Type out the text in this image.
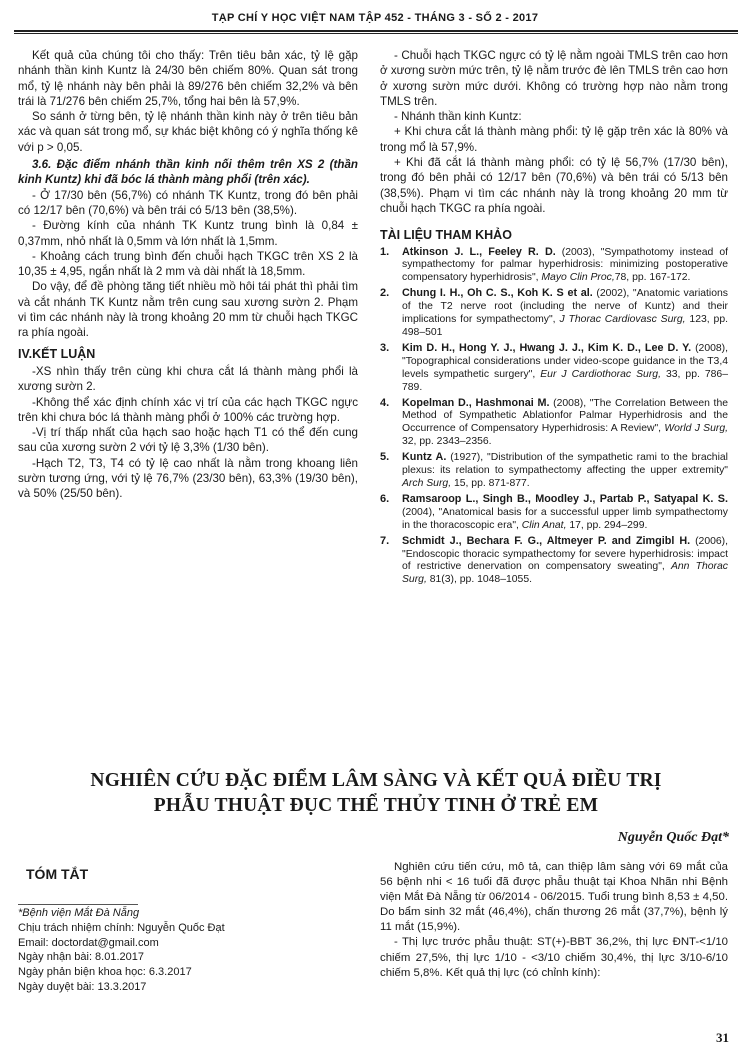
TẠP CHÍ Y HỌC VIỆT NAM TẬP 452 - THÁNG 3 - SỐ 2 - 2017

Kết quả của chúng tôi cho thấy: Trên tiêu bản xác, tỷ lệ gặp nhánh thần kinh Kuntz là 24/30 bên chiếm 80%. Quan sát trong mổ, tỷ lệ nhánh này bên phải là 89/276 bên chiếm 32,2% và bên trái là 71/276 bên chiếm 25,7%, tổng hai bên là 57,9%.

So sánh ở từng bên, tỷ lệ nhánh thần kinh này ở trên tiêu bản xác và quan sát trong mổ, sự khác biệt không có ý nghĩa thống kê với p > 0,05.

3.6. Đặc điểm nhánh thần kinh nối thêm trên XS 2 (thần kinh Kuntz) khi đã bóc lá thành màng phổi (trên xác).

- Ở 17/30 bên (56,7%) có nhánh TK Kuntz, trong đó bên phải có 12/17 bên (70,6%) và bên trái có 5/13 bên (38,5%).

- Đường kính của nhánh TK Kuntz trung bình là 0,84 ± 0,37mm, nhỏ nhất là 0,5mm và lớn nhất là 1,5mm.

- Khoảng cách trung bình đến chuỗi hạch TKGC trên XS 2 là 10,35 ± 4,95, ngắn nhất là 2 mm và dài nhất là 18,5mm.

Do vậy, để đề phòng tăng tiết nhiều mồ hôi tái phát thì phải tìm và cắt nhánh TK Kuntz nằm trên cung sau xương sườn 2. Phạm vi tìm các nhánh này là trong khoảng 20 mm từ chuỗi hạch TKGC ra phía ngoài.

IV.KẾT LUẬN

-XS nhìn thấy trên cùng khi chưa cắt lá thành màng phổi là xương sườn 2.

-Không thể xác định chính xác vị trí của các hạch TKGC ngực trên khi chưa bóc lá thành màng phổi ở 100% các trường hợp.

-Vị trí thấp nhất của hạch sao hoặc hạch T1 có thể đến cung sau của xương sườn 2 với tỷ lệ 3,3% (1/30 bên).

-Hạch T2, T3, T4 có tỷ lệ cao nhất là nằm trong khoang liên sườn tương ứng, với tỷ lệ 76,7% (23/30 bên), 63,3% (19/30 bên), và 50% (25/50 bên).

- Chuỗi hạch TKGC ngực có tỷ lệ nằm ngoài TMLS trên cao hơn ở xương sườn mức trên, tỷ lệ nằm trước đè lên TMLS trên cao hơn ở xương sườn mức dưới. Không có trường hợp nào nằm trong TMLS trên.

- Nhánh thần kinh Kuntz:

+ Khi chưa cắt lá thành màng phổi: tỷ lệ gặp trên xác là 80% và trong mổ là 57,9%.

+ Khi đã cắt lá thành màng phổi: có tỷ lệ 56,7% (17/30 bên), trong đó bên phải có 12/17 bên (70,6%) và bên trái có 5/13 bên (38,5%). Phạm vi tìm các nhánh này là trong khoảng 20 mm từ chuỗi hạch TKGC ra phía ngoài.

TÀI LIỆU THAM KHẢO
1. Atkinson J. L., Feeley R. D. (2003), "Sympathotomy instead of sympathectomy for palmar hyperhidrosis: minimizing postoperative compensatory hyperhidrosis", Mayo Clin Proc,78, pp. 167-172.
2. Chung I. H., Oh C. S., Koh K. S et al. (2002), "Anatomic variations of the T2 nerve root (including the nerve of Kuntz) and their implications for sympathectomy", J Thorac Cardiovasc Surg, 123, pp. 498–501
3. Kim D. H., Hong Y. J., Hwang J. J., Kim K. D., Lee D. Y. (2008), "Topographical considerations under video-scope guidance in the T3,4 levels sympathetic surgery", Eur J Cardiothorac Surg, 33, pp. 786–789.
4. Kopelman D., Hashmonai M. (2008), "The Correlation Between the Method of Sympathetic Ablationfor Palmar Hyperhidrosis and the Occurrence of Compensatory Hyperhidrosis: A Review", World J Surg, 32, pp. 2343–2356.
5. Kuntz A. (1927), "Distribution of the sympathetic rami to the brachial plexus: its relation to sympathectomy affecting the upper extremity" Arch Surg, 15, pp. 871-877.
6. Ramsaroop L., Singh B., Moodley J., Partab P., Satyapal K. S. (2004), "Anatomical basis for a successful upper limb sympathectomy in the thoracoscopic era", Clin Anat, 17, pp. 294–299.
7. Schmidt J., Bechara F. G., Altmeyer P. and Zimgibl H. (2006), "Endoscopic thoracic sympathectomy for severe hyperhidrosis: impact of restrictive denervation on compensatory sweating", Ann Thorac Surg, 81(3), pp. 1048–1055.
NGHIÊN CỨU ĐẶC ĐIỂM LÂM SÀNG VÀ KẾT QUẢ ĐIỀU TRỊ
PHẪU THUẬT ĐỤC THỂ THỦY TINH Ở TRẺ EM
Nguyễn Quốc Đạt*
TÓM TẮT

*Bệnh viện Mắt Đà Nẵng

Chịu trách nhiệm chính: Nguyễn Quốc Đạt

Email: doctordat@gmail.com

Ngày nhận bài: 8.01.2017

Ngày phản biện khoa học: 6.3.2017

Ngày duyệt bài: 13.3.2017

Nghiên cứu tiến cứu, mô tả, can thiệp lâm sàng với 69 mắt của 56 bệnh nhi < 16 tuổi đã được phẫu thuật tại Khoa Nhãn nhi Bệnh viện Mắt Đà Nẵng từ 06/2014 - 06/2015. Tuổi trung bình 8,53 ± 4,50. Do bẩm sinh 32 mắt (46,4%), chấn thương 26 mắt (37,7%), bệnh lý 11 mắt (15,9%).

- Thị lực trước phẫu thuật: ST(+)-BBT 36,2%, thị lực ĐNT-<1/10 chiếm 27,5%, thị lực 1/10 - <3/10 chiếm 30,4%, thị lực 3/10-6/10 chiếm 5,8%. Kết quả thị lực (có chỉnh kính):

31
